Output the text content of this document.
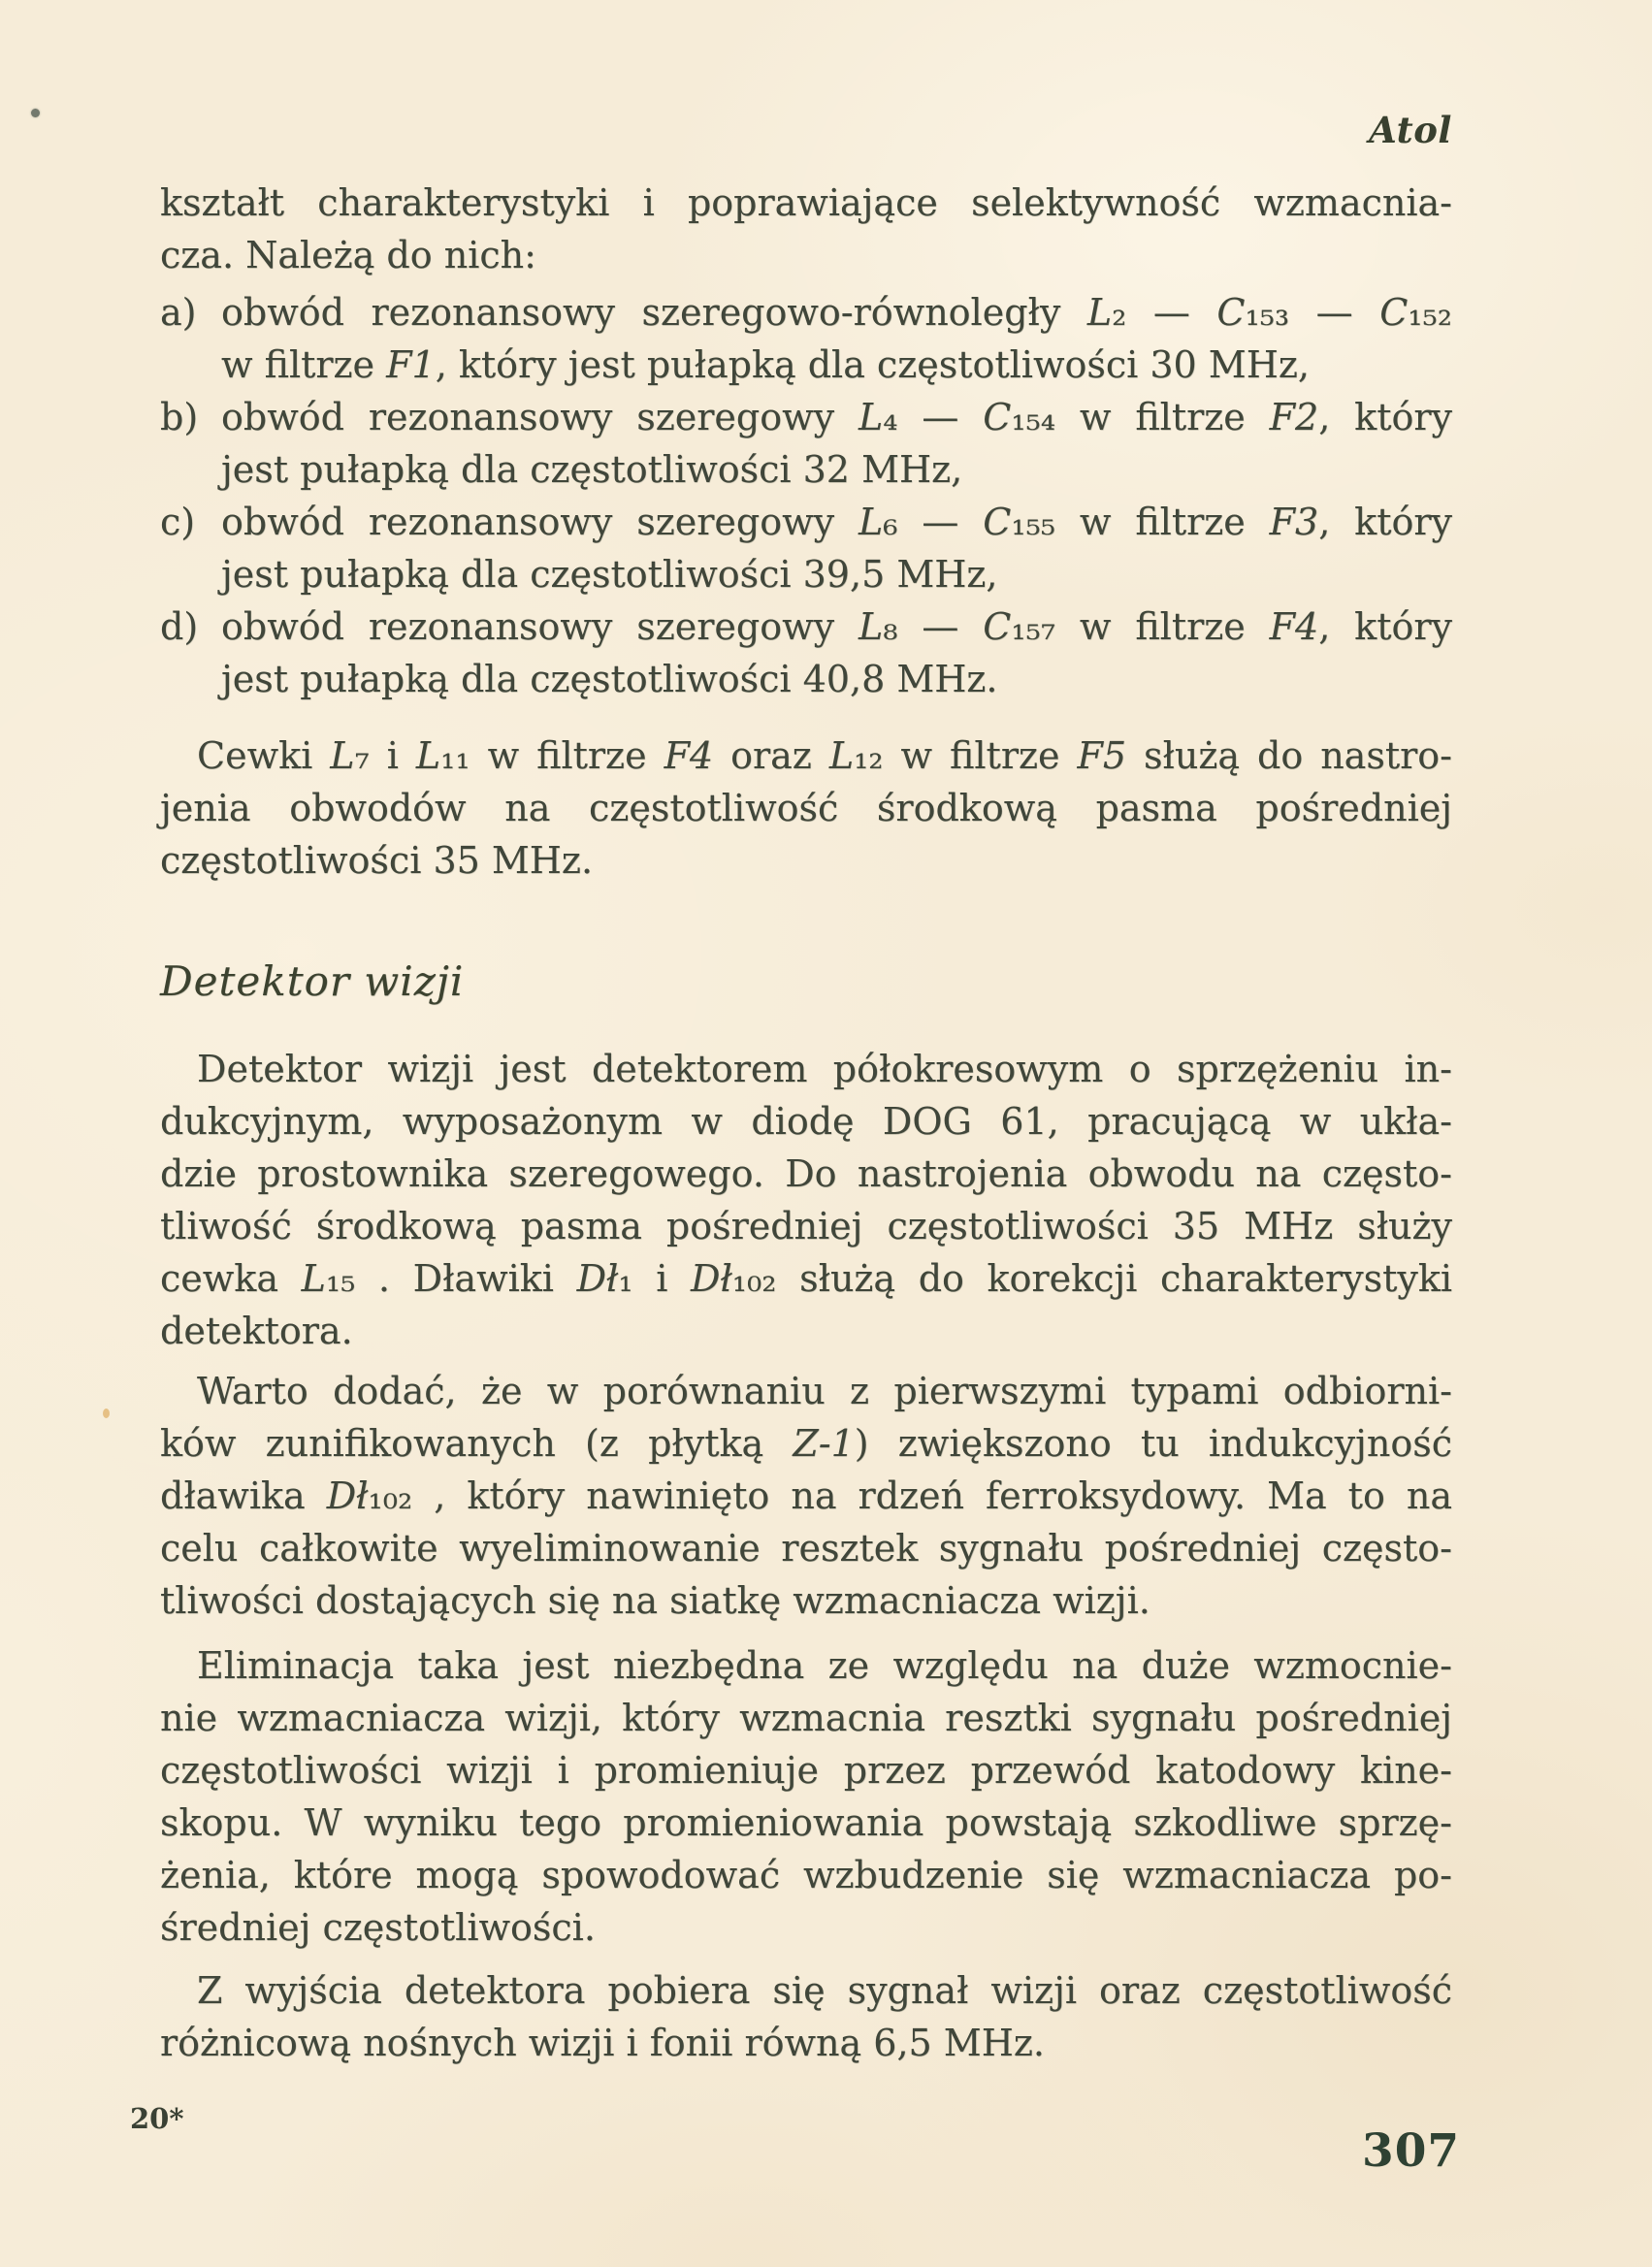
Atol

kształt charakterystyki i poprawiające selektywność wzmacnia-
cza. Należą do nich:

a) obwód rezonansowy szeregowo-równoległy L₂ — C₁₅₃ — C₁₅₂
w filtrze F1, który jest pułapką dla częstotliwości 30 MHz,
b) obwód rezonansowy szeregowy L₄ — C₁₅₄ w filtrze F2, który
jest pułapką dla częstotliwości 32 MHz,
c) obwód rezonansowy szeregowy L₆ — C₁₅₅ w filtrze F3, który
jest pułapką dla częstotliwości 39,5 MHz,
d) obwód rezonansowy szeregowy L₈ — C₁₅₇ w filtrze F4, który
jest pułapką dla częstotliwości 40,8 MHz.

Cewki L₇ i L₁₁ w filtrze F4 oraz L₁₂ w filtrze F5 służą do nastro-
jenia obwodów na częstotliwość środkową pasma pośredniej
częstotliwości 35 MHz.

Detektor wizji

Detektor wizji jest detektorem półokresowym o sprzężeniu in-
dukcyjnym, wyposażonym w diodę DOG 61, pracującą w ukła-
dzie prostownika szeregowego. Do nastrojenia obwodu na często-
tliwość środkową pasma pośredniej częstotliwości 35 MHz służy
cewka L₁₅ . Dławiki Dł₁ i Dł₁₀₂ służą do korekcji charakterystyki
detektora.

Warto dodać, że w porównaniu z pierwszymi typami odbiorni-
ków zunifikowanych (z płytką Z-1) zwiększono tu indukcyjność
dławika Dł₁₀₂ , który nawinięto na rdzeń ferroksydowy. Ma to na
celu całkowite wyeliminowanie resztek sygnału pośredniej często-
tliwości dostających się na siatkę wzmacniacza wizji.

Eliminacja taka jest niezbędna ze względu na duże wzmocnie-
nie wzmacniacza wizji, który wzmacnia resztki sygnału pośredniej
częstotliwości wizji i promieniuje przez przewód katodowy kine-
skopu. W wyniku tego promieniowania powstają szkodliwe sprzę-
żenia, które mogą spowodować wzbudzenie się wzmacniacza po-
średniej częstotliwości.

Z wyjścia detektora pobiera się sygnał wizji oraz częstotliwość
różnicową nośnych wizji i fonii równą 6,5 MHz.

20*
307
